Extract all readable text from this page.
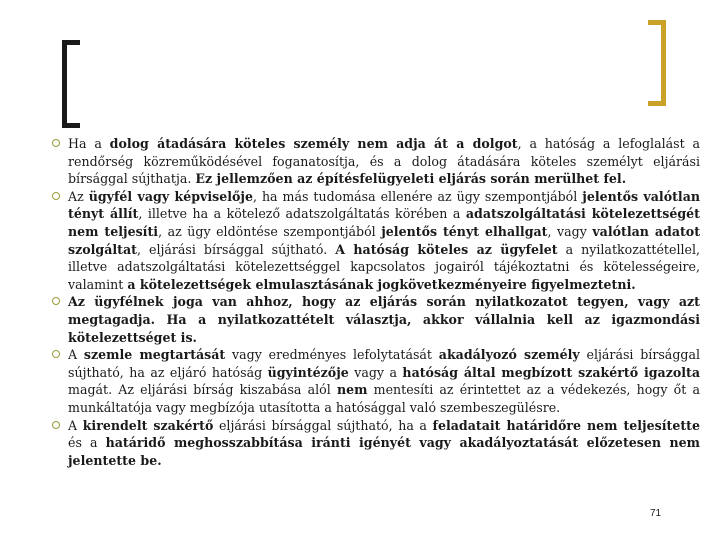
Ha a dolog átadására köteles személy nem adja át a dolgot, a hatóság a lefoglalást a rendőrség közreműködésével foganatosítja, és a dolog átadására köteles személyt eljárási bírsággal sújthatja. Ez jellemzően az építésfelügyeleti eljárás során merülhet fel.

Az ügyfél vagy képviselője, ha más tudomása ellenére az ügy szempontjából jelentős valótlan tényt állít, illetve ha a kötelező adatszolgáltatás körében a adatszolgáltatási kötelezettségét nem teljesíti, az ügy eldöntése szempontjából jelentős tényt elhallgat, vagy valótlan adatot szolgáltat, eljárási bírsággal sújtható. A hatóság köteles az ügyfelet a nyilatkozattétellel, illetve adatszolgáltatási kötelezettséggel kapcsolatos jogairól tájékoztatni és kötelességeire, valamint a kötelezettségek elmulasztásának jogkövetkezményeire figyelmeztetni.

Az ügyfélnek joga van ahhoz, hogy az eljárás során nyilatkozatot tegyen, vagy azt megtagadja. Ha a nyilatkozattételt választja, akkor vállalnia kell az igazmondási kötelezettséget is.

A szemle megtartását vagy eredményes lefolytatását akadályozó személy eljárási bírsággal sújtható, ha az eljáró hatóság ügyintézője vagy a hatóság által megbízott szakértő igazolta magát. Az eljárási bírság kiszabása alól nem mentesíti az érintettet az a védekezés, hogy őt a munkáltatója vagy megbízója utasította a hatósággal való szembeszegülésre.

A kirendelt szakértő eljárási bírsággal sújtható, ha a feladatait határidőre nem teljesítette és a határidő meghosszabbítása iránti igényét vagy akadályoztatását előzetesen nem jelentette be.

71
